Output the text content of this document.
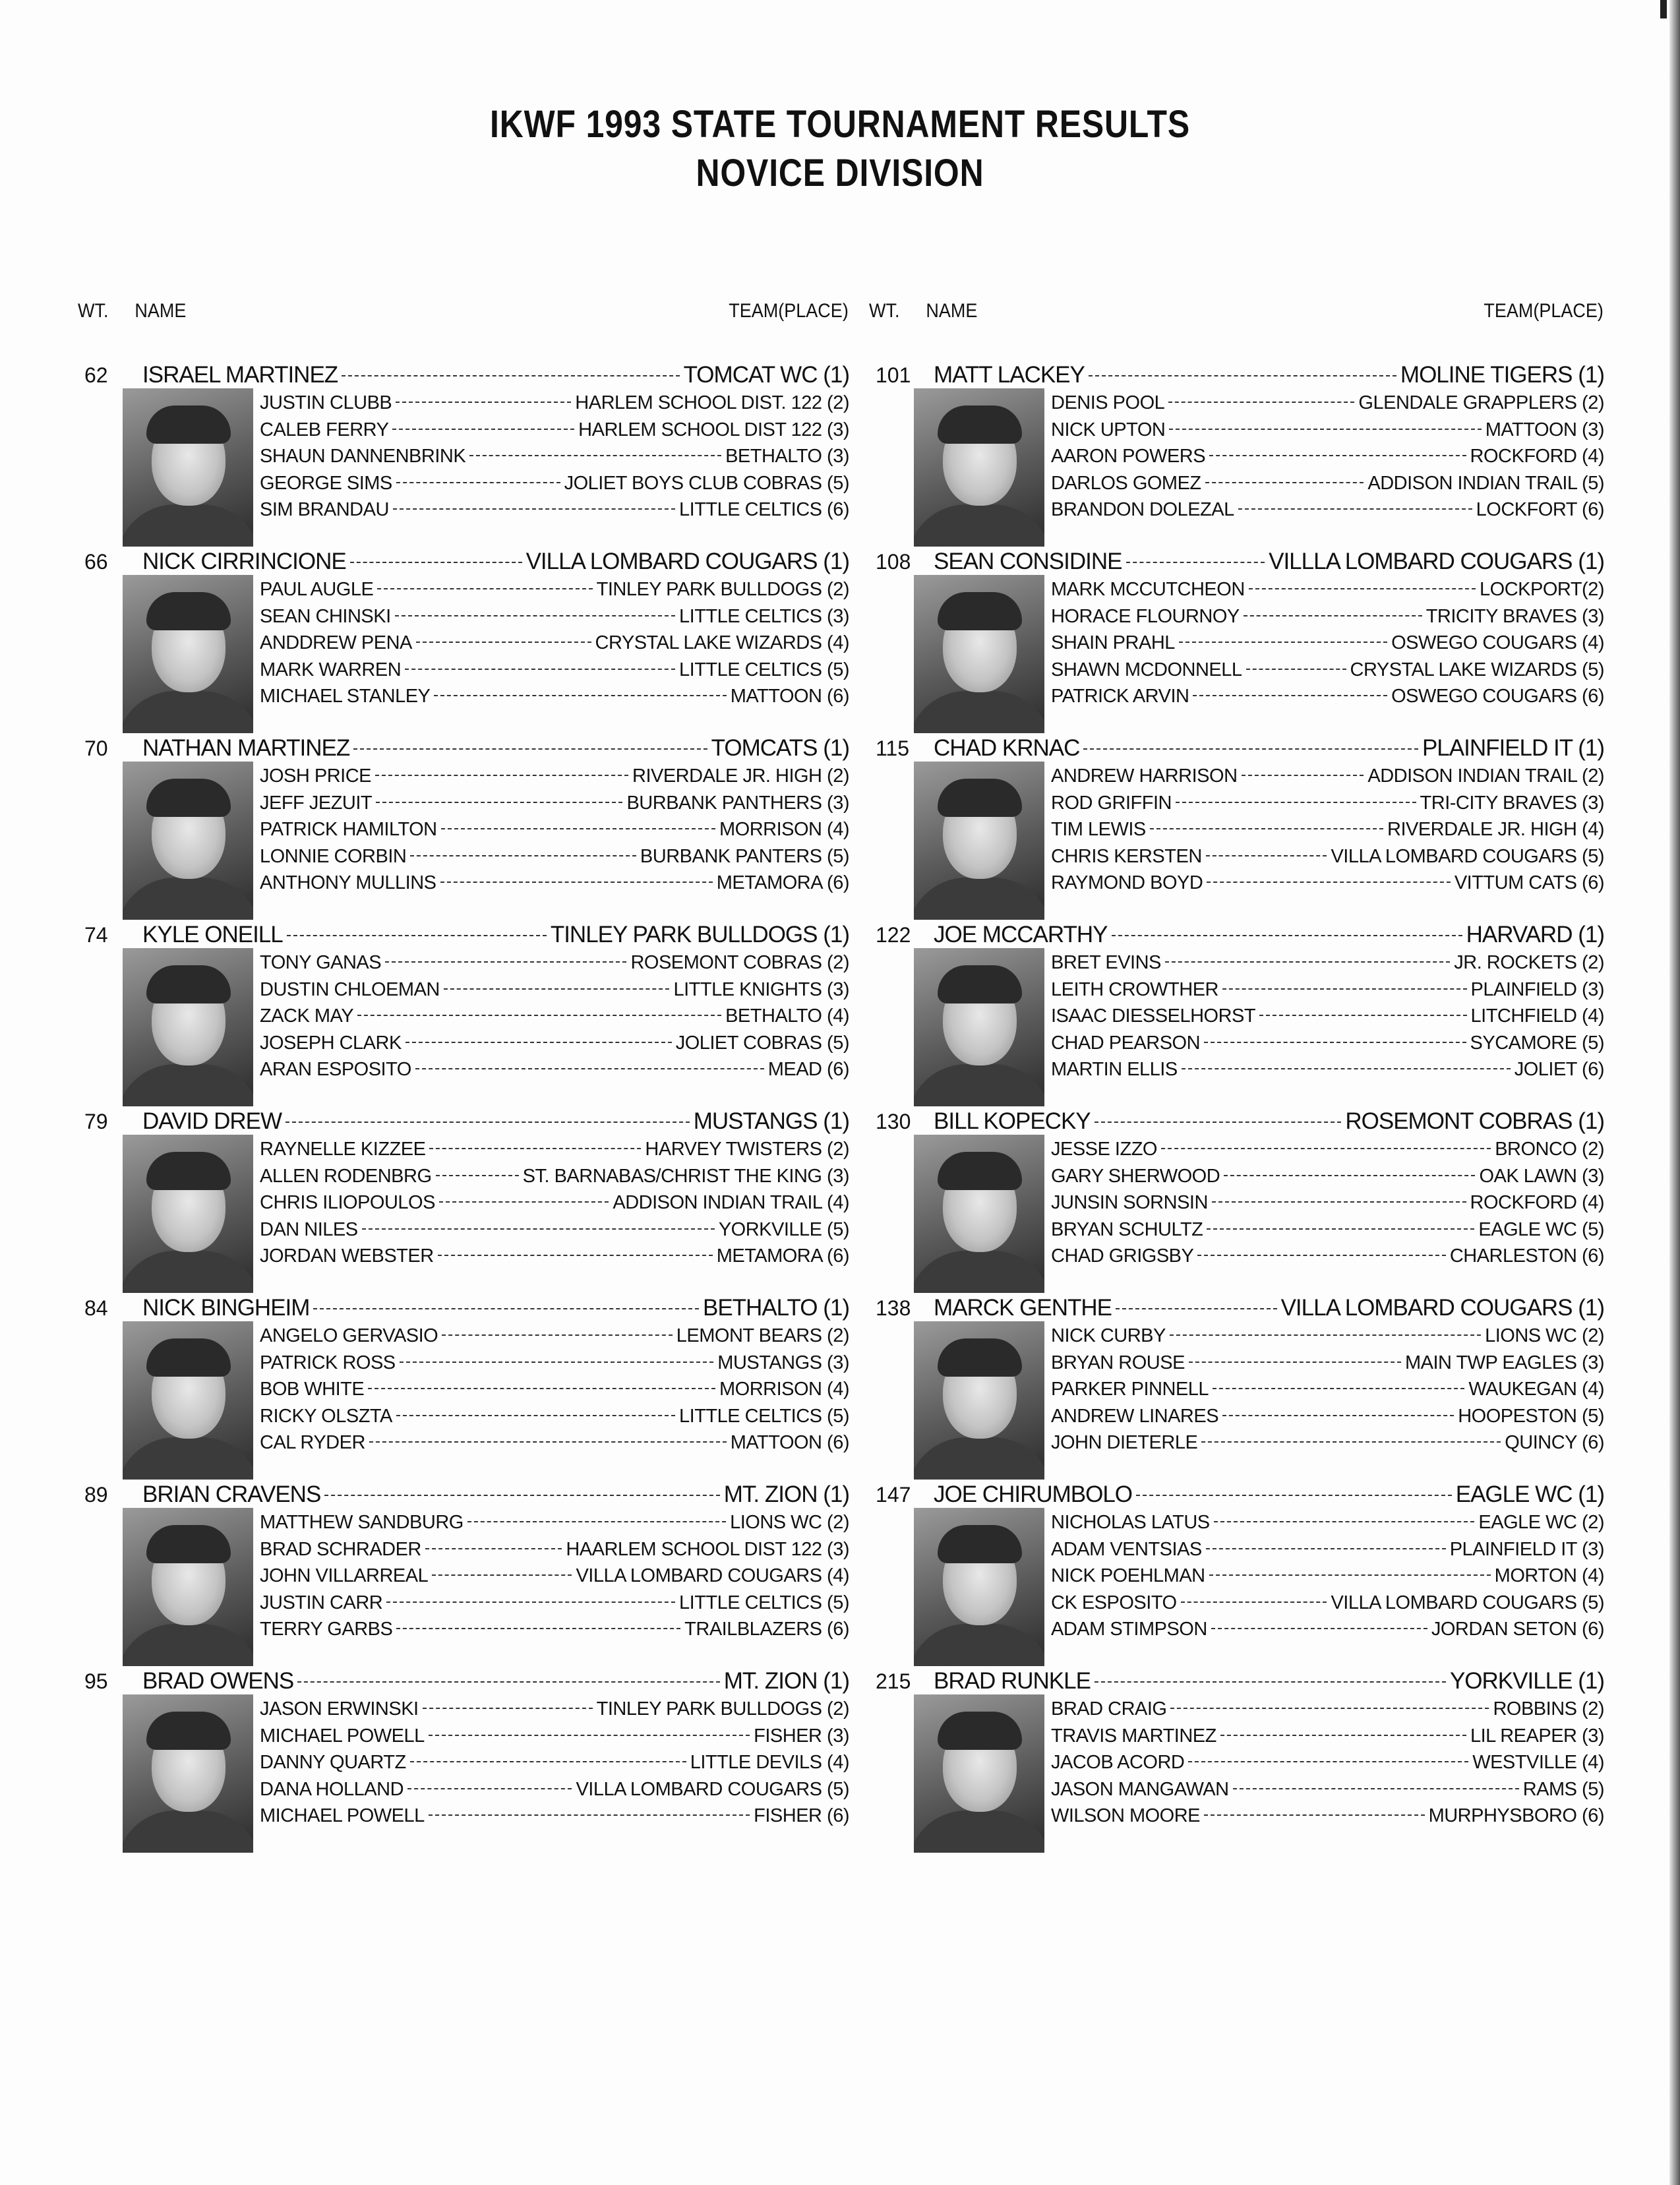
IKWF 1993 STATE TOURNAMENT RESULTS
NOVICE DIVISION
WT. NAME	TEAM(PLACE)
62 ISRAEL MARTINEZ	TOMCAT WC (1)
JUSTIN CLUBB	HARLEM SCHOOL DIST. 122 (2)
CALEB FERRY	HARLEM SCHOOL DIST 122 (3)
SHAUN DANNENBRINK	BETHALTO (3)
GEORGE SIMS	JOLIET BOYS CLUB COBRAS (5)
SIM BRANDAU	LITTLE CELTICS (6)
66 NICK CIRRINCIONE	VILLA LOMBARD COUGARS (1)
PAUL AUGLE	TINLEY PARK BULLDOGS (2)
SEAN CHINSKI	LITTLE CELTICS (3)
ANDDREW PENA	CRYSTAL LAKE WIZARDS (4)
MARK WARREN	LITTLE CELTICS (5)
MICHAEL STANLEY	MATTOON (6)
70 NATHAN MARTINEZ	TOMCATS (1)
JOSH PRICE	RIVERDALE JR. HIGH (2)
JEFF JEZUIT	BURBANK PANTHERS (3)
PATRICK HAMILTON	MORRISON (4)
LONNIE CORBIN	BURBANK PANTERS (5)
ANTHONY MULLINS	METAMORA (6)
74 KYLE ONEILL	TINLEY PARK BULLDOGS (1)
TONY GANAS	ROSEMONT COBRAS (2)
DUSTIN CHLOEMAN	LITTLE KNIGHTS (3)
ZACK MAY	BETHALTO (4)
JOSEPH CLARK	JOLIET COBRAS (5)
ARAN ESPOSITO	MEAD (6)
79 DAVID DREW	MUSTANGS (1)
RAYNELLE KIZZEE	HARVEY TWISTERS (2)
ALLEN RODENBRG	ST. BARNABAS/CHRIST THE KING (3)
CHRIS ILIOPOULOS	ADDISON INDIAN TRAIL (4)
DAN NILES	YORKVILLE (5)
JORDAN WEBSTER	METAMORA (6)
84 NICK BINGHEIM	BETHALTO (1)
ANGELO GERVASIO	LEMONT BEARS (2)
PATRICK ROSS	MUSTANGS (3)
BOB WHITE	MORRISON (4)
RICKY OLSZTA	LITTLE CELTICS (5)
CAL RYDER	MATTOON (6)
89 BRIAN CRAVENS	MT. ZION (1)
MATTHEW SANDBURG	LIONS WC (2)
BRAD SCHRADER	HAARLEM SCHOOL DIST 122 (3)
JOHN VILLARREAL	VILLA LOMBARD COUGARS (4)
JUSTIN CARR	LITTLE CELTICS (5)
TERRY GARBS	TRAILBLAZERS (6)
95 BRAD OWENS	MT. ZION (1)
JASON ERWINSKI	TINLEY PARK BULLDOGS (2)
MICHAEL POWELL	FISHER (3)
DANNY QUARTZ	LITTLE DEVILS (4)
DANA HOLLAND	VILLA LOMBARD COUGARS (5)
MICHAEL POWELL	FISHER (6)
WT. NAME	TEAM(PLACE)
101 MATT LACKEY	MOLINE TIGERS (1)
DENIS POOL	GLENDALE GRAPPLERS (2)
NICK UPTON	MATTOON (3)
AARON POWERS	ROCKFORD (4)
DARLOS GOMEZ	ADDISON INDIAN TRAIL (5)
BRANDON DOLEZAL	LOCKFORT (6)
108 SEAN CONSIDINE	VILLLA LOMBARD COUGARS (1)
MARK MCCUTCHEON	LOCKPORT(2)
HORACE FLOURNOY	TRICITY BRAVES (3)
SHAIN PRAHL	OSWEGO COUGARS (4)
SHAWN MCDONNELL	CRYSTAL LAKE WIZARDS (5)
PATRICK ARVIN	OSWEGO COUGARS (6)
115 CHAD KRNAC	PLAINFIELD IT (1)
ANDREW HARRISON	ADDISON INDIAN TRAIL (2)
ROD GRIFFIN	TRI-CITY BRAVES (3)
TIM LEWIS	RIVERDALE JR. HIGH (4)
CHRIS KERSTEN	VILLA LOMBARD COUGARS (5)
RAYMOND BOYD	VITTUM CATS (6)
122 JOE MCCARTHY	HARVARD (1)
BRET EVINS	JR. ROCKETS (2)
LEITH CROWTHER	PLAINFIELD (3)
ISAAC DIESSELHORST	LITCHFIELD (4)
CHAD PEARSON	SYCAMORE (5)
MARTIN ELLIS	JOLIET (6)
130 BILL KOPECKY	ROSEMONT COBRAS (1)
JESSE IZZO	BRONCO (2)
GARY SHERWOOD	OAK LAWN (3)
JUNSIN SORNSIN	ROCKFORD (4)
BRYAN SCHULTZ	EAGLE WC (5)
CHAD GRIGSBY	CHARLESTON (6)
138 MARCK GENTHE	VILLA LOMBARD COUGARS (1)
NICK CURBY	LIONS WC (2)
BRYAN ROUSE	MAIN TWP EAGLES (3)
PARKER PINNELL	WAUKEGAN (4)
ANDREW LINARES	HOOPESTON (5)
JOHN DIETERLE	QUINCY (6)
147 JOE CHIRUMBOLO	EAGLE WC (1)
NICHOLAS LATUS	EAGLE WC (2)
ADAM VENTSIAS	PLAINFIELD IT (3)
NICK POEHLMAN	MORTON (4)
CK ESPOSITO	VILLA LOMBARD COUGARS (5)
ADAM STIMPSON	JORDAN SETON (6)
215 BRAD RUNKLE	YORKVILLE (1)
BRAD CRAIG	ROBBINS (2)
TRAVIS MARTINEZ	LIL REAPER (3)
JACOB ACORD	WESTVILLE (4)
JASON MANGAWAN	RAMS (5)
WILSON MOORE	MURPHYSBORO (6)
